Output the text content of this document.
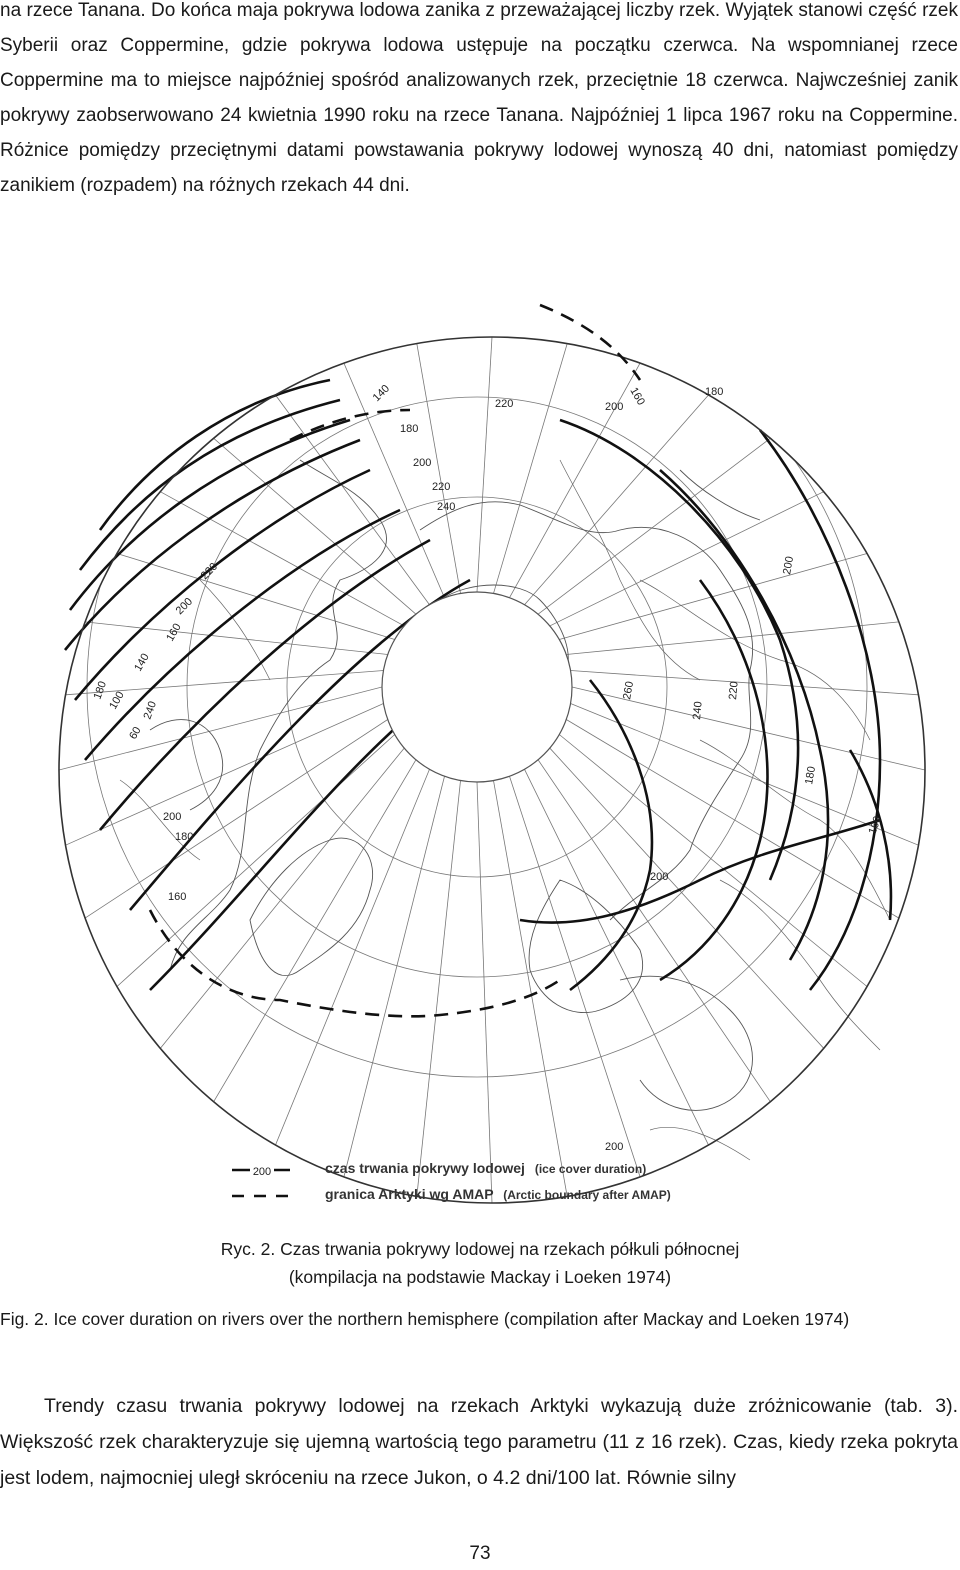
na rzece Tanana. Do końca maja pokrywa lodowa zanika z przeważającej liczby rzek. Wyjątek stanowi część rzek Syberii oraz Coppermine, gdzie pokrywa lodowa ustępuje na początku czerwca. Na wspomnianej rzece Coppermine ma to miejsce najpóźniej spośród analizowanych rzek, przeciętnie 18 czerwca. Najwcześniej zanik pokrywy zaobserwowano 24 kwietnia 1990 roku na rzece Tanana. Najpóźniej 1 lipca 1967 roku na Coppermine. Różnice pomiędzy przeciętnymi datami powstawania pokrywy lodowej wynoszą 40 dni, natomiast pomiędzy zanikiem (rozpadem) na różnych rzekach 44 dni.

140
180
200
220
240
60
100
140
160
200
220
180
240
200
180
160
220	200 160	180
200
260
240
220
180
160
200
200
200	czas trwania pokrywy lodowej (ice cover duration)
granica Arktyki wg AMAP (Arctic boundary after AMAP)

Ryc. 2. Czas trwania pokrywy lodowej na rzekach półkuli północnej
(kompilacja na podstawie Mackay i Loeken 1974)

Fig. 2. Ice cover duration on rivers over the northern hemisphere (compilation after Mackay and Loeken 1974)

Trendy czasu trwania pokrywy lodowej na rzekach Arktyki wykazują duże zróżnicowanie (tab. 3). Większość rzek charakteryzuje się ujemną wartością tego parametru (11 z 16 rzek). Czas, kiedy rzeka pokryta jest lodem, najmocniej uległ skróceniu na rzece Jukon, o 4.2 dni/100 lat. Równie silny

73
